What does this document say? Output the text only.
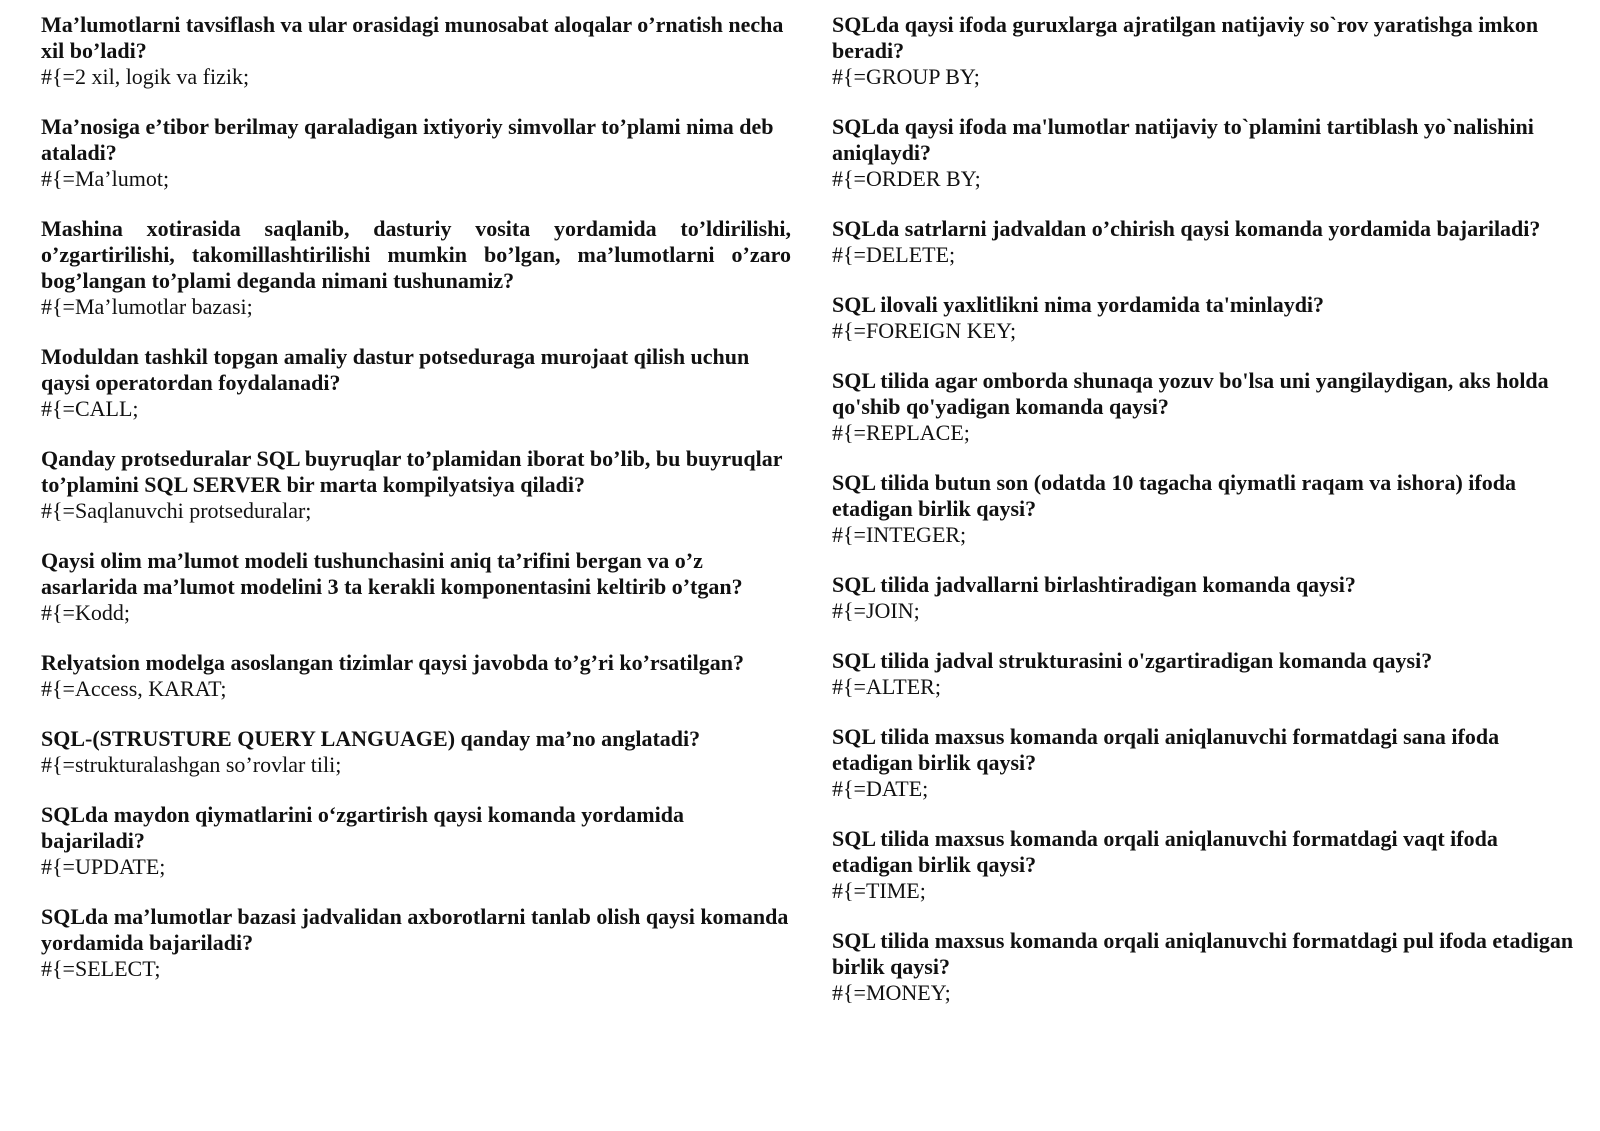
Ma’lumotlarni tavsiflash va ular orasidagi munosabat aloqalar o’rnatish necha xil bo’ladi?

#{=2 xil, logik va fizik;

Ma’nosiga e’tibor berilmay qaraladigan ixtiyoriy simvollar to’plami nima deb ataladi?

#{=Ma’lumot;

Mashina xotirasida saqlanib, dasturiy vosita yordamida to’ldirilishi, o’zgartirilishi, takomillashtirilishi mumkin bo’lgan, ma’lumotlarni o’zaro bog’langan to’plami deganda nimani tushunamiz?

#{=Ma’lumotlar bazasi;

Moduldan tashkil topgan amaliy dastur potseduraga murojaat qilish uchun qaysi operatordan foydalanadi?

#{=CALL;

Qanday protseduralar SQL buyruqlar to’plamidan iborat bo’lib, bu buyruqlar to’plamini SQL SERVER bir marta kompilyatsiya qiladi?

#{=Saqlanuvchi protseduralar;

Qaysi olim ma’lumot modeli tushunchasini aniq ta’rifini bergan va o’z asarlarida ma’lumot modelini 3 ta kerakli komponentasini keltirib o’tgan?

#{=Kodd;

Relyatsion modelga asoslangan tizimlar qaysi javobda to’g’ri ko’rsatilgan?

#{=Access, KARAT;

SQL-(STRUSTURE QUERY LANGUAGE) qanday ma’no anglatadi?

#{=strukturalashgan so’rovlar tili;

SQLda maydon qiymatlarini o‘zgartirish qaysi komanda yordamida bajariladi?

#{=UPDATE;

SQLda ma’lumotlar bazasi jadvalidan axborotlarni tanlab olish qaysi komanda yordamida bajariladi?

#{=SELECT;

SQLda qaysi ifoda guruxlarga ajratilgan natijaviy so`rov yaratishga imkon beradi?

#{=GROUP BY;

SQLda qaysi ifoda ma'lumotlar natijaviy to`plamini tartiblash yo`nalishini aniqlaydi?

#{=ORDER BY;

SQLda satrlarni jadvaldan o’chirish qaysi komanda yordamida bajariladi?

#{=DELETE;

SQL ilovali yaxlitlikni nima yordamida ta'minlaydi?

#{=FOREIGN KEY;

SQL tilida agar omborda shunaqa yozuv bo'lsa uni yangilaydigan, aks holda qo'shib qo'yadigan komanda qaysi?

#{=REPLACE;

SQL tilida butun son (odatda 10 tagacha qiymatli raqam va ishora) ifoda etadigan birlik qaysi?

#{=INTEGER;

SQL tilida jadvallarni birlashtiradigan komanda qaysi?

#{=JOIN;

SQL tilida jadval strukturasini o'zgartiradigan komanda qaysi?

#{=ALTER;

SQL tilida maxsus komanda orqali aniqlanuvchi formatdagi sana ifoda etadigan birlik qaysi?

#{=DATE;

SQL tilida maxsus komanda orqali aniqlanuvchi formatdagi vaqt ifoda etadigan birlik qaysi?

#{=TIME;

SQL tilida maxsus komanda orqali aniqlanuvchi formatdagi pul ifoda etadigan birlik qaysi?

#{=MONEY;
